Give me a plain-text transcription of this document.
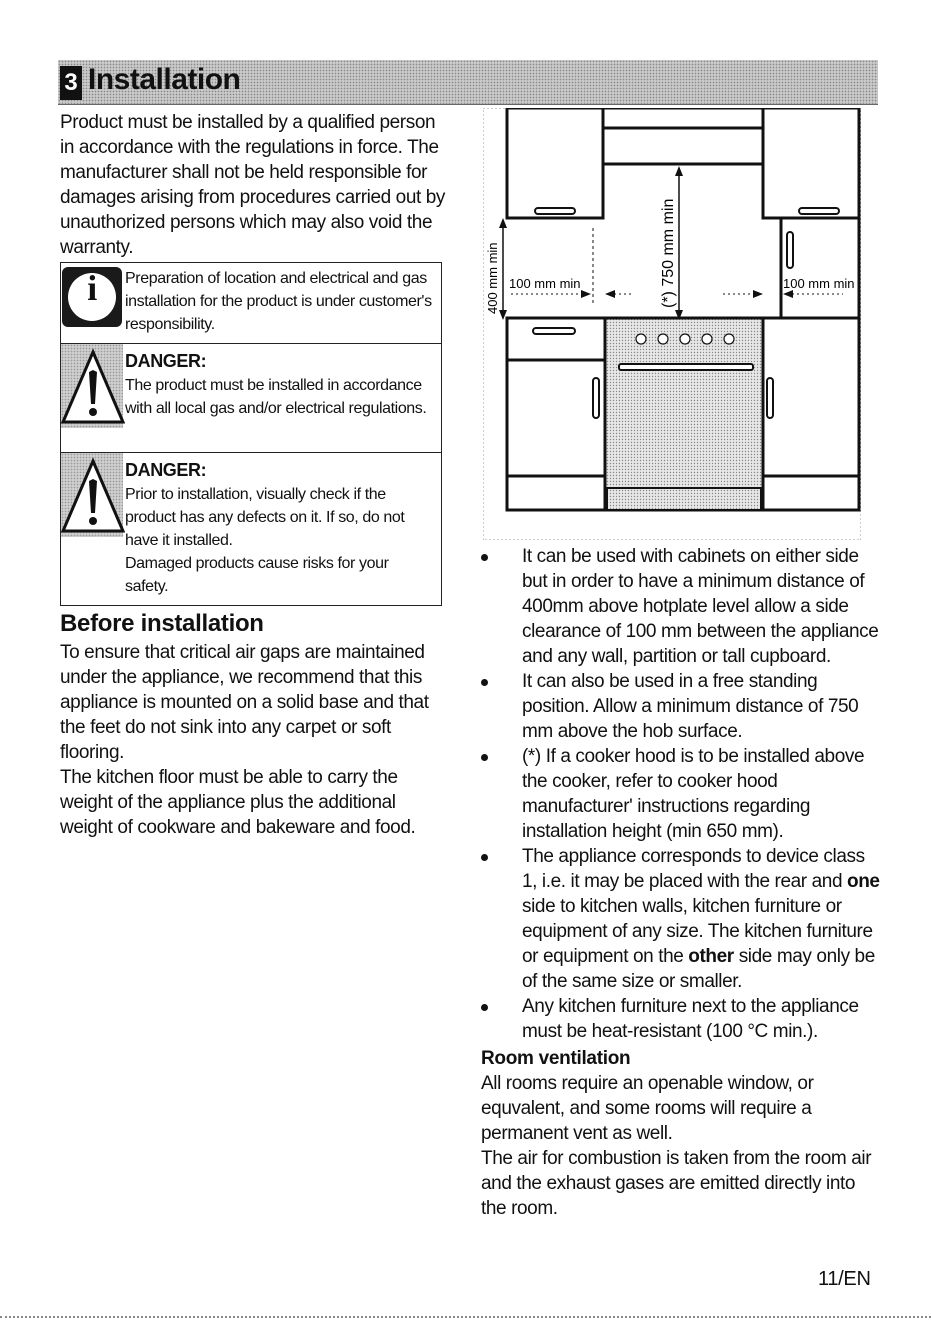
3 Installation

Product must be installed by a qualified person in accordance with the regulations in force. The manufacturer shall not be held responsible for damages arising from procedures carried out by unauthorized persons which may also void the warranty.

i	Preparation of location and electrical and gas installation for the product is under customer's responsibility.
DANGER:

The product must be installed in accordance with all local gas and/or electrical regulations.

DANGER:

Prior to installation, visually check if the product has any defects on it. If so, do not have it installed.

Damaged products cause risks for your safety.

Before installation

To ensure that critical air gaps are maintained under the appliance, we recommend that this appliance is mounted on a solid base and that the feet do not sink into any carpet or soft flooring.

The kitchen floor must be able to carry the weight of the appliance plus the additional weight of cookware and bakeware and food.

400 mm min 100 mm min	(*) 750 mm min	100 mm min
It can be used with cabinets on either side but in order to have a minimum distance of 400mm above hotplate level allow a side clearance of 100 mm between the appliance and any wall, partition or tall cupboard.
It can also be used in a free standing position. Allow a minimum distance of 750 mm above the hob surface.
(*) If a cooker hood is to be installed above the cooker, refer to cooker hood manufacturer' instructions regarding installation height (min 650 mm).
The appliance corresponds to device class 1, i.e. it may be placed with the rear and one side to kitchen walls, kitchen furniture or equipment of any size. The kitchen furniture or equipment on the other side may only be of the same size or smaller.
Any kitchen furniture next to the appliance must be heat-resistant (100 °C min.).
Room ventilation

All rooms require an openable window, or equvalent, and some rooms will require a permanent vent as well.

The air for combustion is taken from the room air and the exhaust gases are emitted directly into the room.

11/EN
